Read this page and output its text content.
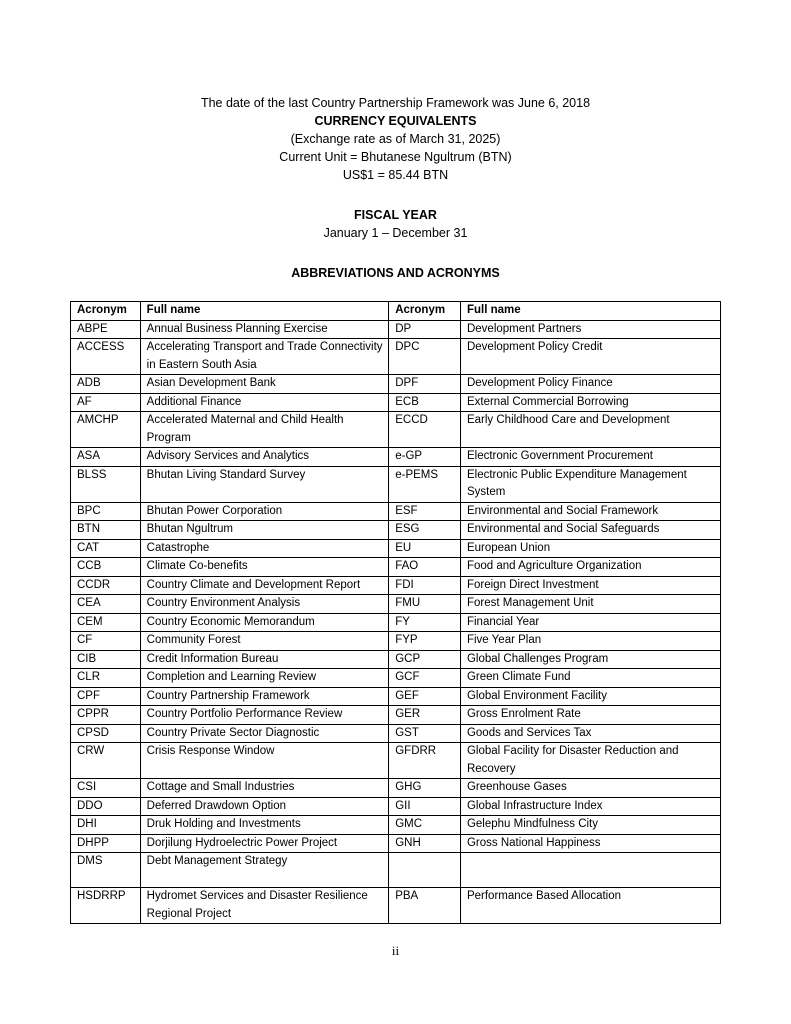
The date of the last Country Partnership Framework was June 6, 2018
CURRENCY EQUIVALENTS
(Exchange rate as of March 31, 2025)
Current Unit = Bhutanese Ngultrum (BTN)
US$1 = 85.44 BTN
FISCAL YEAR
January 1 – December 31
ABBREVIATIONS AND ACRONYMS
Acronym	Full name	Acronym	Full name
ABPE	Annual Business Planning Exercise	DP	Development Partners
ACCESS	Accelerating Transport and Trade Connectivity in Eastern South Asia	DPC	Development Policy Credit
ADB	Asian Development Bank	DPF	Development Policy Finance
AF	Additional Finance	ECB	External Commercial Borrowing
AMCHP	Accelerated Maternal and Child Health Program	ECCD	Early Childhood Care and Development
ASA	Advisory Services and Analytics	e-GP	Electronic Government Procurement
BLSS	Bhutan Living Standard Survey	e-PEMS	Electronic Public Expenditure Management System
BPC	Bhutan Power Corporation	ESF	Environmental and Social Framework
BTN	Bhutan Ngultrum	ESG	Environmental and Social Safeguards
CAT	Catastrophe	EU	European Union
CCB	Climate Co-benefits	FAO	Food and Agriculture Organization
CCDR	Country Climate and Development Report	FDI	Foreign Direct Investment
CEA	Country Environment Analysis	FMU	Forest Management Unit
CEM	Country Economic Memorandum	FY	Financial Year
CF	Community Forest	FYP	Five Year Plan
CIB	Credit Information Bureau	GCP	Global Challenges Program
CLR	Completion and Learning Review	GCF	Green Climate Fund
CPF	Country Partnership Framework	GEF	Global Environment Facility
CPPR	Country Portfolio Performance Review	GER	Gross Enrolment Rate
CPSD	Country Private Sector Diagnostic	GST	Goods and Services Tax
CRW	Crisis Response Window	GFDRR	Global Facility for Disaster Reduction and Recovery
CSI	Cottage and Small Industries	GHG	Greenhouse Gases
DDO	Deferred Drawdown Option	GII	Global Infrastructure Index
DHI	Druk Holding and Investments	GMC	Gelephu Mindfulness City
DHPP	Dorjilung Hydroelectric Power Project	GNH	Gross National Happiness
DMS	Debt Management Strategy		
HSDRRP	Hydromet Services and Disaster Resilience Regional Project	PBA	Performance Based Allocation
ii
